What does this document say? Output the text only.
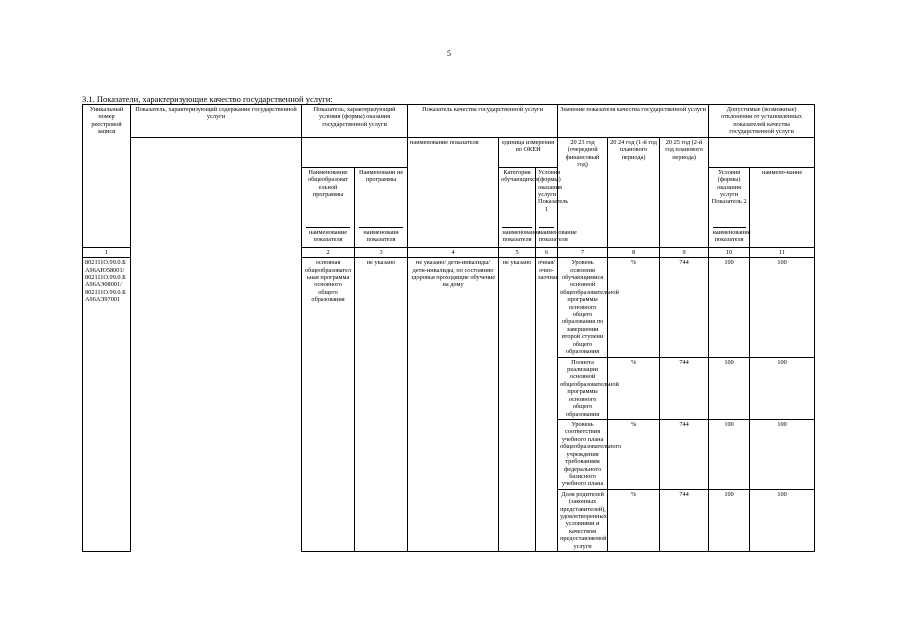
5
3.1. Показатели, характеризующие качество государственной услуги:
Уникальный номер реестровой записи	Показатель, характеризующий содержание государственной услуги	Показатель, характеризующий условия (формы) оказания государственной услуги		Показатель качества государственной услуги			Значение показателя качества государственной услуги			Допустимые (возможные) отклонения от установленных показателей качества государственной услуги		
				наименование показателя	единица измерения по ОКЕИ		20 23 год (очередной финансовый год)	20 24 год (1-й год планового периода)	20 25 год (2-й год планового периода)			
		Наименование общеобразоват ельной программы	Наименовани не программы		Категория обучающихся	Условия (формы) оказания услуги Показатель 1				Условия (формы) оказания услуги Показатель 2	наимено-вание			
		наименование показателя	наименовани показателя		наименование показателя	наименование показателя				наименование показателя		
1		2	3	4	5	6	7	8	9	10	11			
802111О.99.0.Б А96АЮ58001/ 802111О.99.0.Б А96АЭ08001/ 802111О.99.0.Б А96АЭ97001		основная общеобразовател ьная программа основного общего образования	не указано	не указано/ дети-инвалиды/ дети-инвалиды, по состоянию здоровья проходящие обучение на дому	не указано	очная/ очно-заочная	Уровень освоения обучающимися основной общеобразовательной программы основного общего образования по завершении второй ступени общего образования	%	744	100	100			
							Полнота реализации основной общеобразовательной программы основного общего образования	%	744	100	100			
							Уровень соответствия учебного плана общеобразовательного учреждения требованиям федерального базисного учебного плана	%	744	100	100			
							Доля родителей (законных представителей), удовлетворенных условиями и качеством предоставляемой услуги	%	744	100	100			
